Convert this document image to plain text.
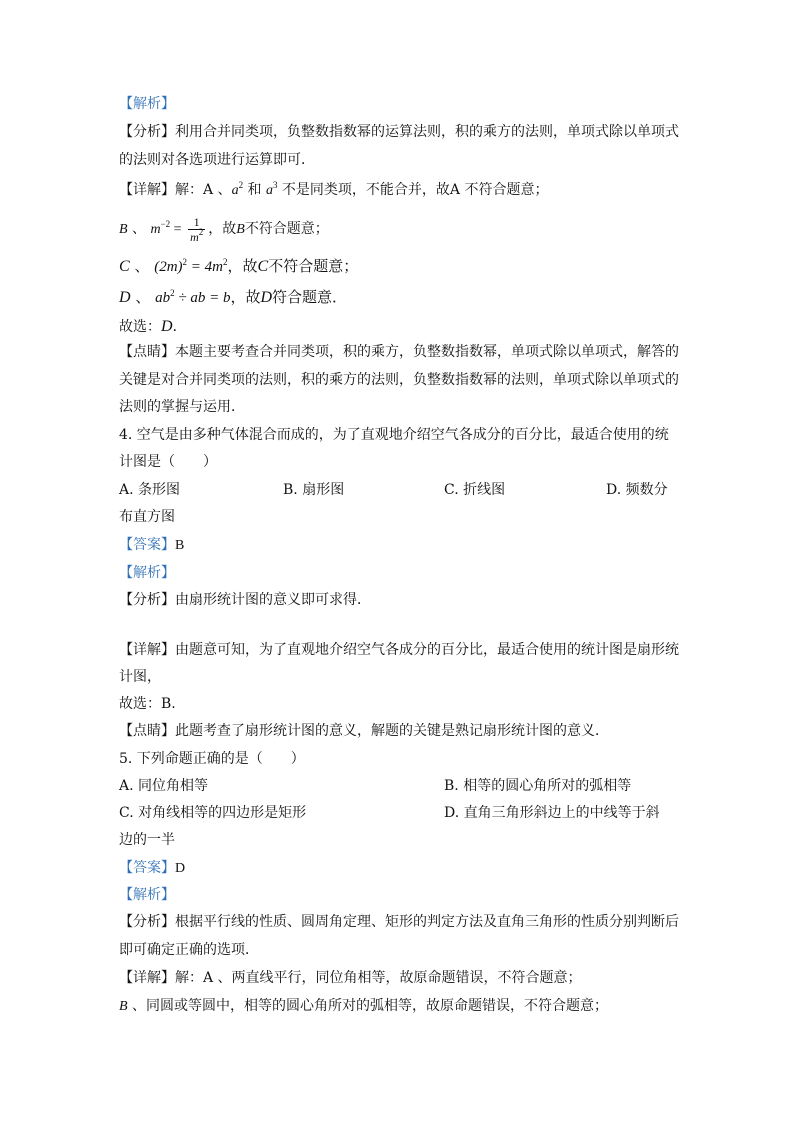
【解析】
【分析】利用合并同类项，负整数指数幂的运算法则，积的乘方的法则，单项式除以单项式
的法则对各选项进行运算即可．
【详解】解：A 、$a^2$ 和 $a^3$ 不是同类项，不能合并，故A 不符合题意；
B 、 $m^{-2} = \frac{1}{m^2}$ ，故B不符合题意；
C 、 $(2m)^2 = 4m^2$，故C不符合题意；
D 、 $ab^2$ ÷ ab = b，故D符合题意．
故选：D．
【点睛】本题主要考查合并同类项，积的乘方，负整数指数幂，单项式除以单项式，解答的
关键是对合并同类项的法则，积的乘方的法则，负整数指数幂的法则，单项式除以单项式的
法则的掌握与运用．
4. 空气是由多种气体混合而成的，为了直观地介绍空气各成分的百分比，最适合使用的统
计图是（　　）
A. 条形图	B. 扇形图	C. 折线图	D. 频数分
布直方图
【答案】B
【解析】
【分析】由扇形统计图的意义即可求得．
【详解】由题意可知，为了直观地介绍空气各成分的百分比，最适合使用的统计图是扇形统
计图，
故选：B.
【点睛】此题考查了扇形统计图的意义，解题的关键是熟记扇形统计图的意义．
5. 下列命题正确的是（　　）
A. 同位角相等	B. 相等的圆心角所对的弧相等
C. 对角线相等的四边形是矩形	D. 直角三角形斜边上的中线等于斜
边的一半
【答案】D
【解析】
【分析】根据平行线的性质、圆周角定理、矩形的判定方法及直角三角形的性质分别判断后
即可确定正确的选项．
【详解】解：A 、两直线平行，同位角相等，故原命题错误，不符合题意；
B 、同圆或等圆中，相等的圆心角所对的弧相等，故原命题错误，不符合题意；
